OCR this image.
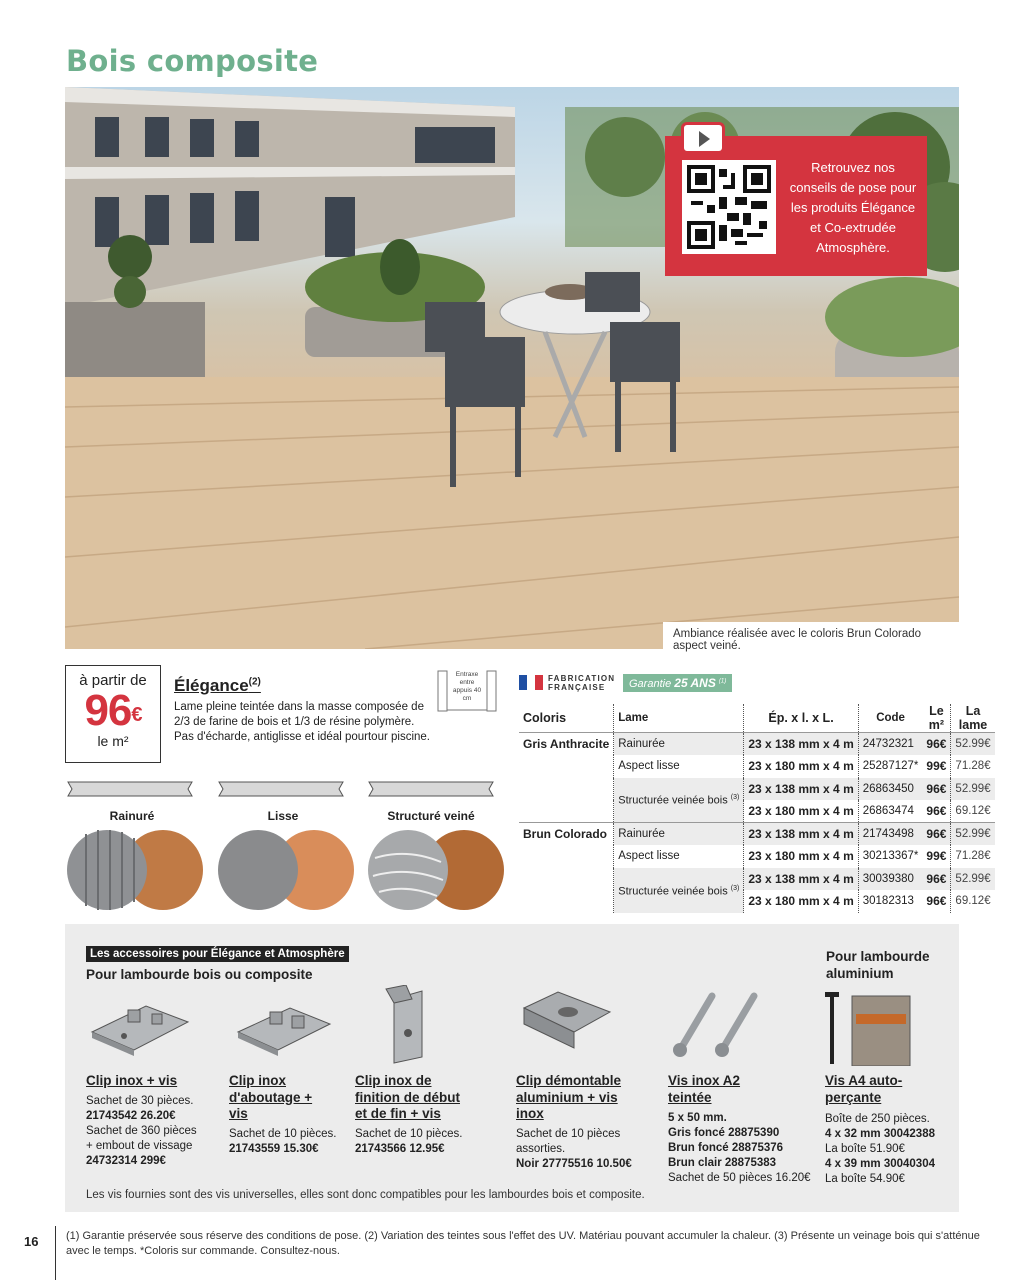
Bois composite
Retrouvez nos conseils de pose pour les produits Élégance et Co-extrudée Atmosphère.
Ambiance réalisée avec le coloris Brun Colorado aspect veiné.
à partir de
96€
le m²
Élégance$^{(2)}$
Lame pleine teintée dans la masse composée de 2/3 de farine de bois et 1/3 de résine polymère. Pas d'écharde, antiglisse et idéal pourtour piscine.
Entraxe entre appuis 40 cm
Rainuré	Lisse	Structuré veiné
FABRICATION FRANÇAISE	Garantie 25 ANS $^{(1)}$
Coloris	Lame	Ép. x l. x L.	Code	Le m²	La lame
Gris Anthracite	Rainurée	23 x 138 mm x 4 m	24732321	96€	52.99€
	Aspect lisse	23 x 180 mm x 4 m	25287127*	99€	71.28€
	Structurée veinée bois $^{(3)}$	23 x 138 mm x 4 m	26863450	96€	52.99€
		23 x 180 mm x 4 m	26863474	96€	69.12€
Brun Colorado	Rainurée	23 x 138 mm x 4 m	21743498	96€	52.99€
	Aspect lisse	23 x 180 mm x 4 m	30213367*	99€	71.28€
	Structurée veinée bois $^{(3)}$	23 x 138 mm x 4 m	30039380	96€	52.99€
		23 x 180 mm x 4 m	30182313	96€	69.12€
Les accessoires pour Élégance et Atmosphère
Pour lambourde bois ou composite
Pour lambourde aluminium
Clip inox + vis
Sachet de 30 pièces.
21743542 26.20€
Sachet de 360 pièces
+ embout de vissage
24732314 299€
Clip inox d'aboutage + vis
Sachet de 10 pièces.
21743559 15.30€
Clip inox de finition de début et de fin + vis
Sachet de 10 pièces.
21743566 12.95€
Clip démontable aluminium + vis inox
Sachet de 10 pièces assorties.
Noir 27775516 10.50€
Vis inox A2 teintée
5 x 50 mm.
Gris foncé 28875390
Brun foncé 28875376
Brun clair 28875383
Sachet de 50 pièces 16.20€
Vis A4 auto-perçante
Boîte de 250 pièces.
4 x 32 mm 30042388
La boîte 51.90€
4 x 39 mm 30040304
La boîte 54.90€
Les vis fournies sont des vis universelles, elles sont donc compatibles pour les lambourdes bois et composite.
16	(1) Garantie préservée sous réserve des conditions de pose. (2) Variation des teintes sous l'effet des UV. Matériau pouvant accumuler la chaleur. (3) Présente un veinage bois qui s'atténue avec le temps. *Coloris sur commande. Consultez-nous.
